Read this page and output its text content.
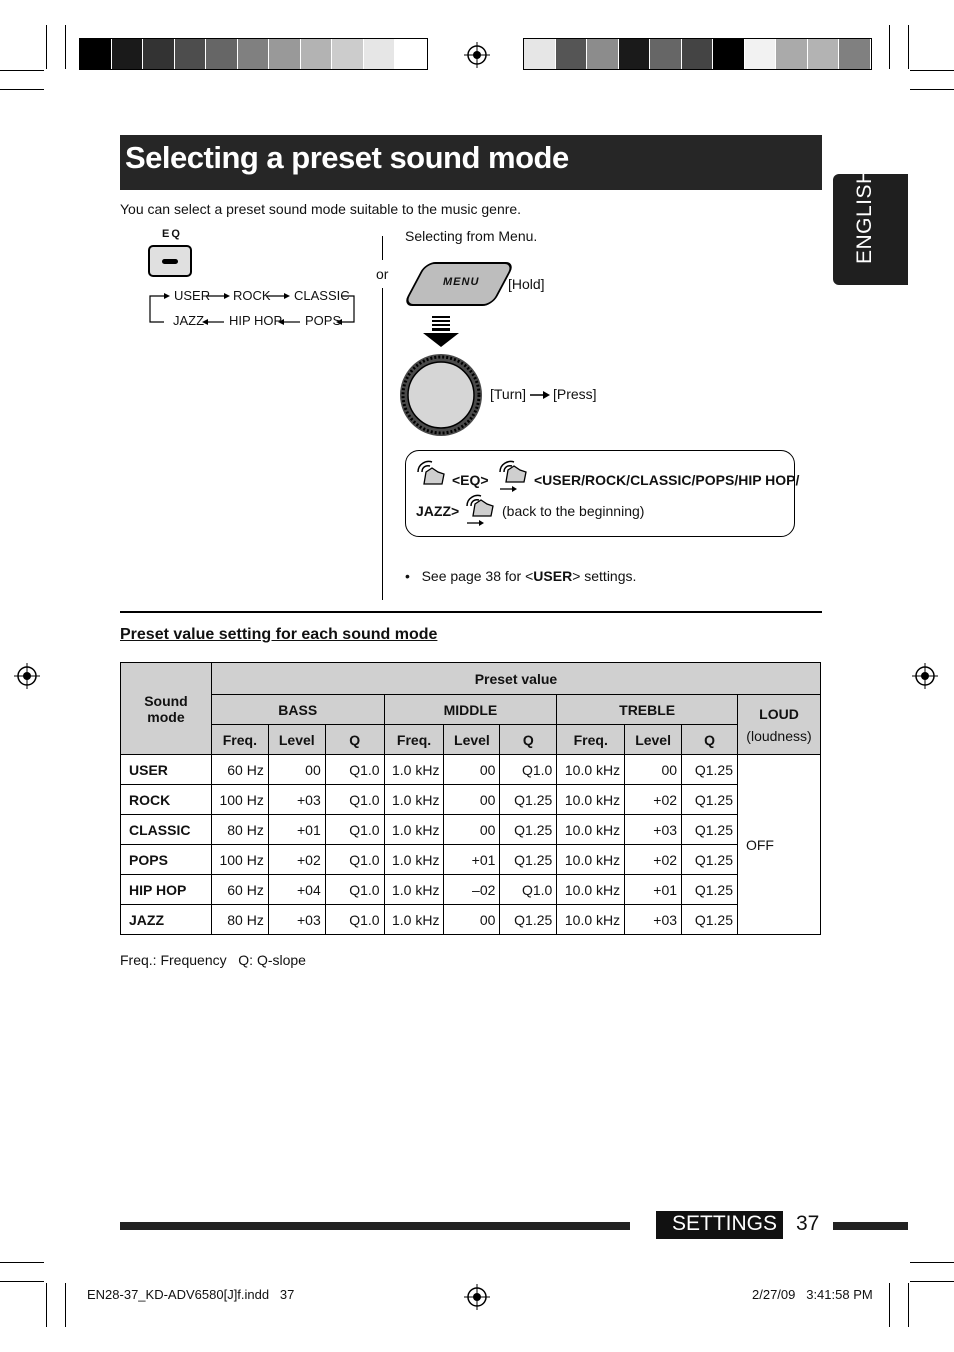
Selecting a preset sound mode
ENGLISH
You can select a preset sound mode suitable to the music genre.
EQ
USER ROCK CLASSIC
JAZZ HIP HOP POPS
or
Selecting from Menu.
MENU [Hold]
[Turn] [Press]
<EQ>	<USER/ROCK/CLASSIC/POPS/HIP HOP/
JAZZ>	(back to the beginning)
• See page 38 for <USER> settings.
Preset value setting for each sound mode
Sound mode	Preset value									
	BASS			MIDDLE			TREBLE			LOUD
(loudness)

	Freq.	Level	Q	Freq.	Level	Q	Freq.	Level	Q	
USER	60 Hz	00	Q1.0	1.0 kHz	00	Q1.0	10.0 kHz	00	Q1.25	OFF
ROCK	100 Hz	+03	Q1.0	1.0 kHz	00	Q1.25	10.0 kHz	+02	Q1.25	
CLASSIC	80 Hz	+01	Q1.0	1.0 kHz	00	Q1.25	10.0 kHz	+03	Q1.25	
POPS	100 Hz	+02	Q1.0	1.0 kHz	+01	Q1.25	10.0 kHz	+02	Q1.25	
HIP HOP	60 Hz	+04	Q1.0	1.0 kHz	–02	Q1.0	10.0 kHz	+01	Q1.25	
JAZZ	80 Hz	+03	Q1.0	1.0 kHz	00	Q1.25	10.0 kHz	+03	Q1.25	
Freq.: Frequency   Q: Q-slope
SETTINGS 37
EN28-37_KD-ADV6580[J]f.indd   37	2/27/09   3:41:58 PM
